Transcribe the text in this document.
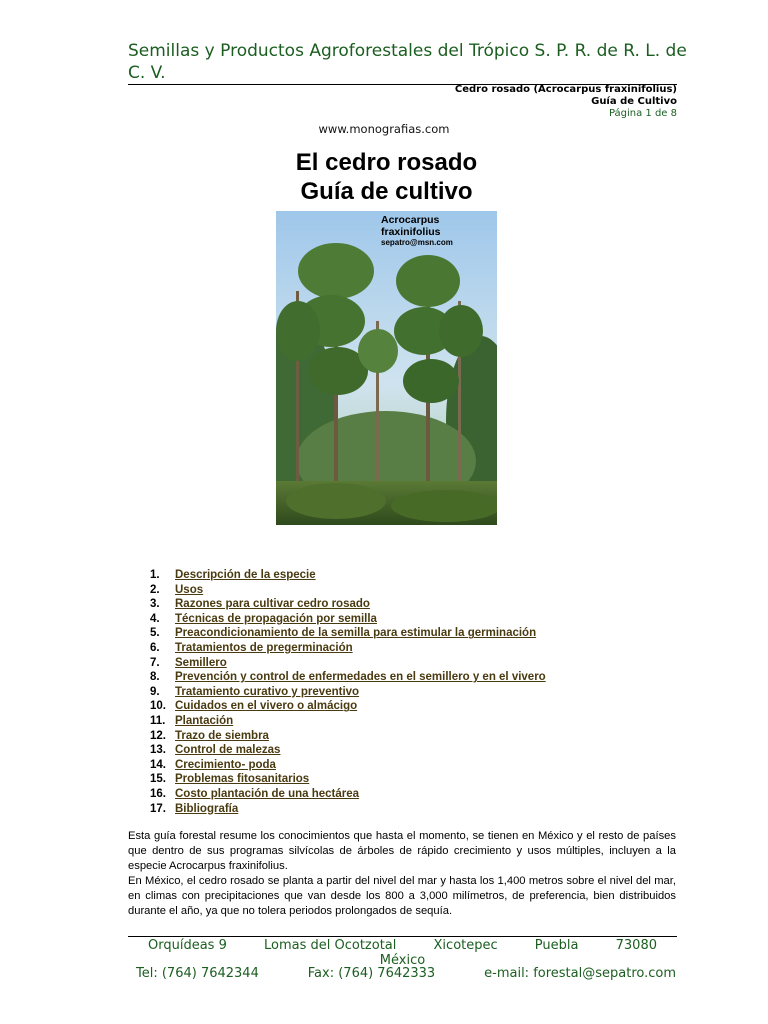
Semillas y Productos Agroforestales del Trópico S. P. R. de R. L. de C. V.
Cedro rosado (Acrocarpus fraxinifolius)
Guía de Cultivo
Página 1 de 8
www.monografias.com
El cedro rosado
Guía de cultivo
Acrocarpus fraxinifolius
sepatro@msn.com
1.	Descripción de la especie
2.	Usos
3.	Razones para cultivar cedro rosado
4.	Técnicas de propagación por semilla
5.	Preacondicionamiento de la semilla para estimular la germinación
6.	Tratamientos de pregerminación
7.	Semillero
8.	Prevención y control de enfermedades en el semillero y en el vivero
9.	Tratamiento curativo y preventivo
10. Cuidados en el vivero o almácigo
11. Plantación
12. Trazo de siembra
13. Control de malezas
14. Crecimiento- poda
15. Problemas fitosanitarios
16. Costo plantación de una hectárea
17. Bibliografía

Esta guía forestal resume los conocimientos que hasta el momento, se tienen en México y el resto de países que dentro de sus programas silvícolas de árboles de rápido crecimiento y usos múltiples, incluyen a la especie Acrocarpus fraxinifolius.

En México, el cedro rosado se planta a partir del nivel del mar y hasta los 1,400 metros sobre el nivel del mar, en climas con precipitaciones que van desde los 800 a 3,000 milímetros, de preferencia, bien distribuidos durante el año, ya que no tolera periodos prolongados de sequía.

Orquídeas 9	Lomas del Ocotzotal	Xicotepec	Puebla	73080
México
Tel: (764) 7642344	Fax: (764) 7642333	e-mail: forestal@sepatro.com
